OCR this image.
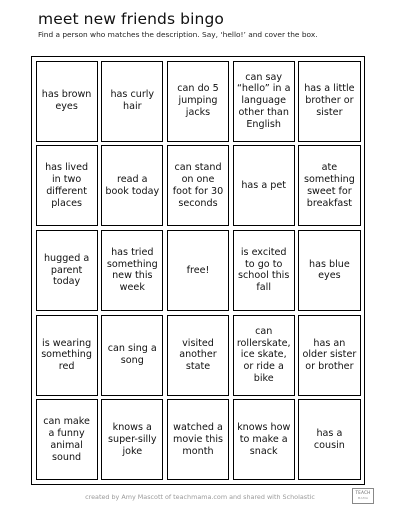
meet new friends bingo
Find a person who matches the description. Say, ‘hello!’ and cover the box.
has brown eyes
has curly hair
can do 5 jumping jacks
can say “hello” in a language other than English
has a little brother or sister
has lived in two different places
read a book today
can stand on one foot for 30 seconds
has a pet
ate something sweet for breakfast
hugged a parent today
has tried something new this week
free!
is excited to go to school this fall
has blue eyes
is wearing something red
can sing a song
visited another state
can rollerskate, ice skate, or ride a bike
has an older sister or brother
can make a funny animal sound
knows a super-silly joke
watched a movie this month
knows how to make a snack
has a cousin
created by Amy Mascott of teachmama.com and shared with Scholastic
TEACH
MAMA
